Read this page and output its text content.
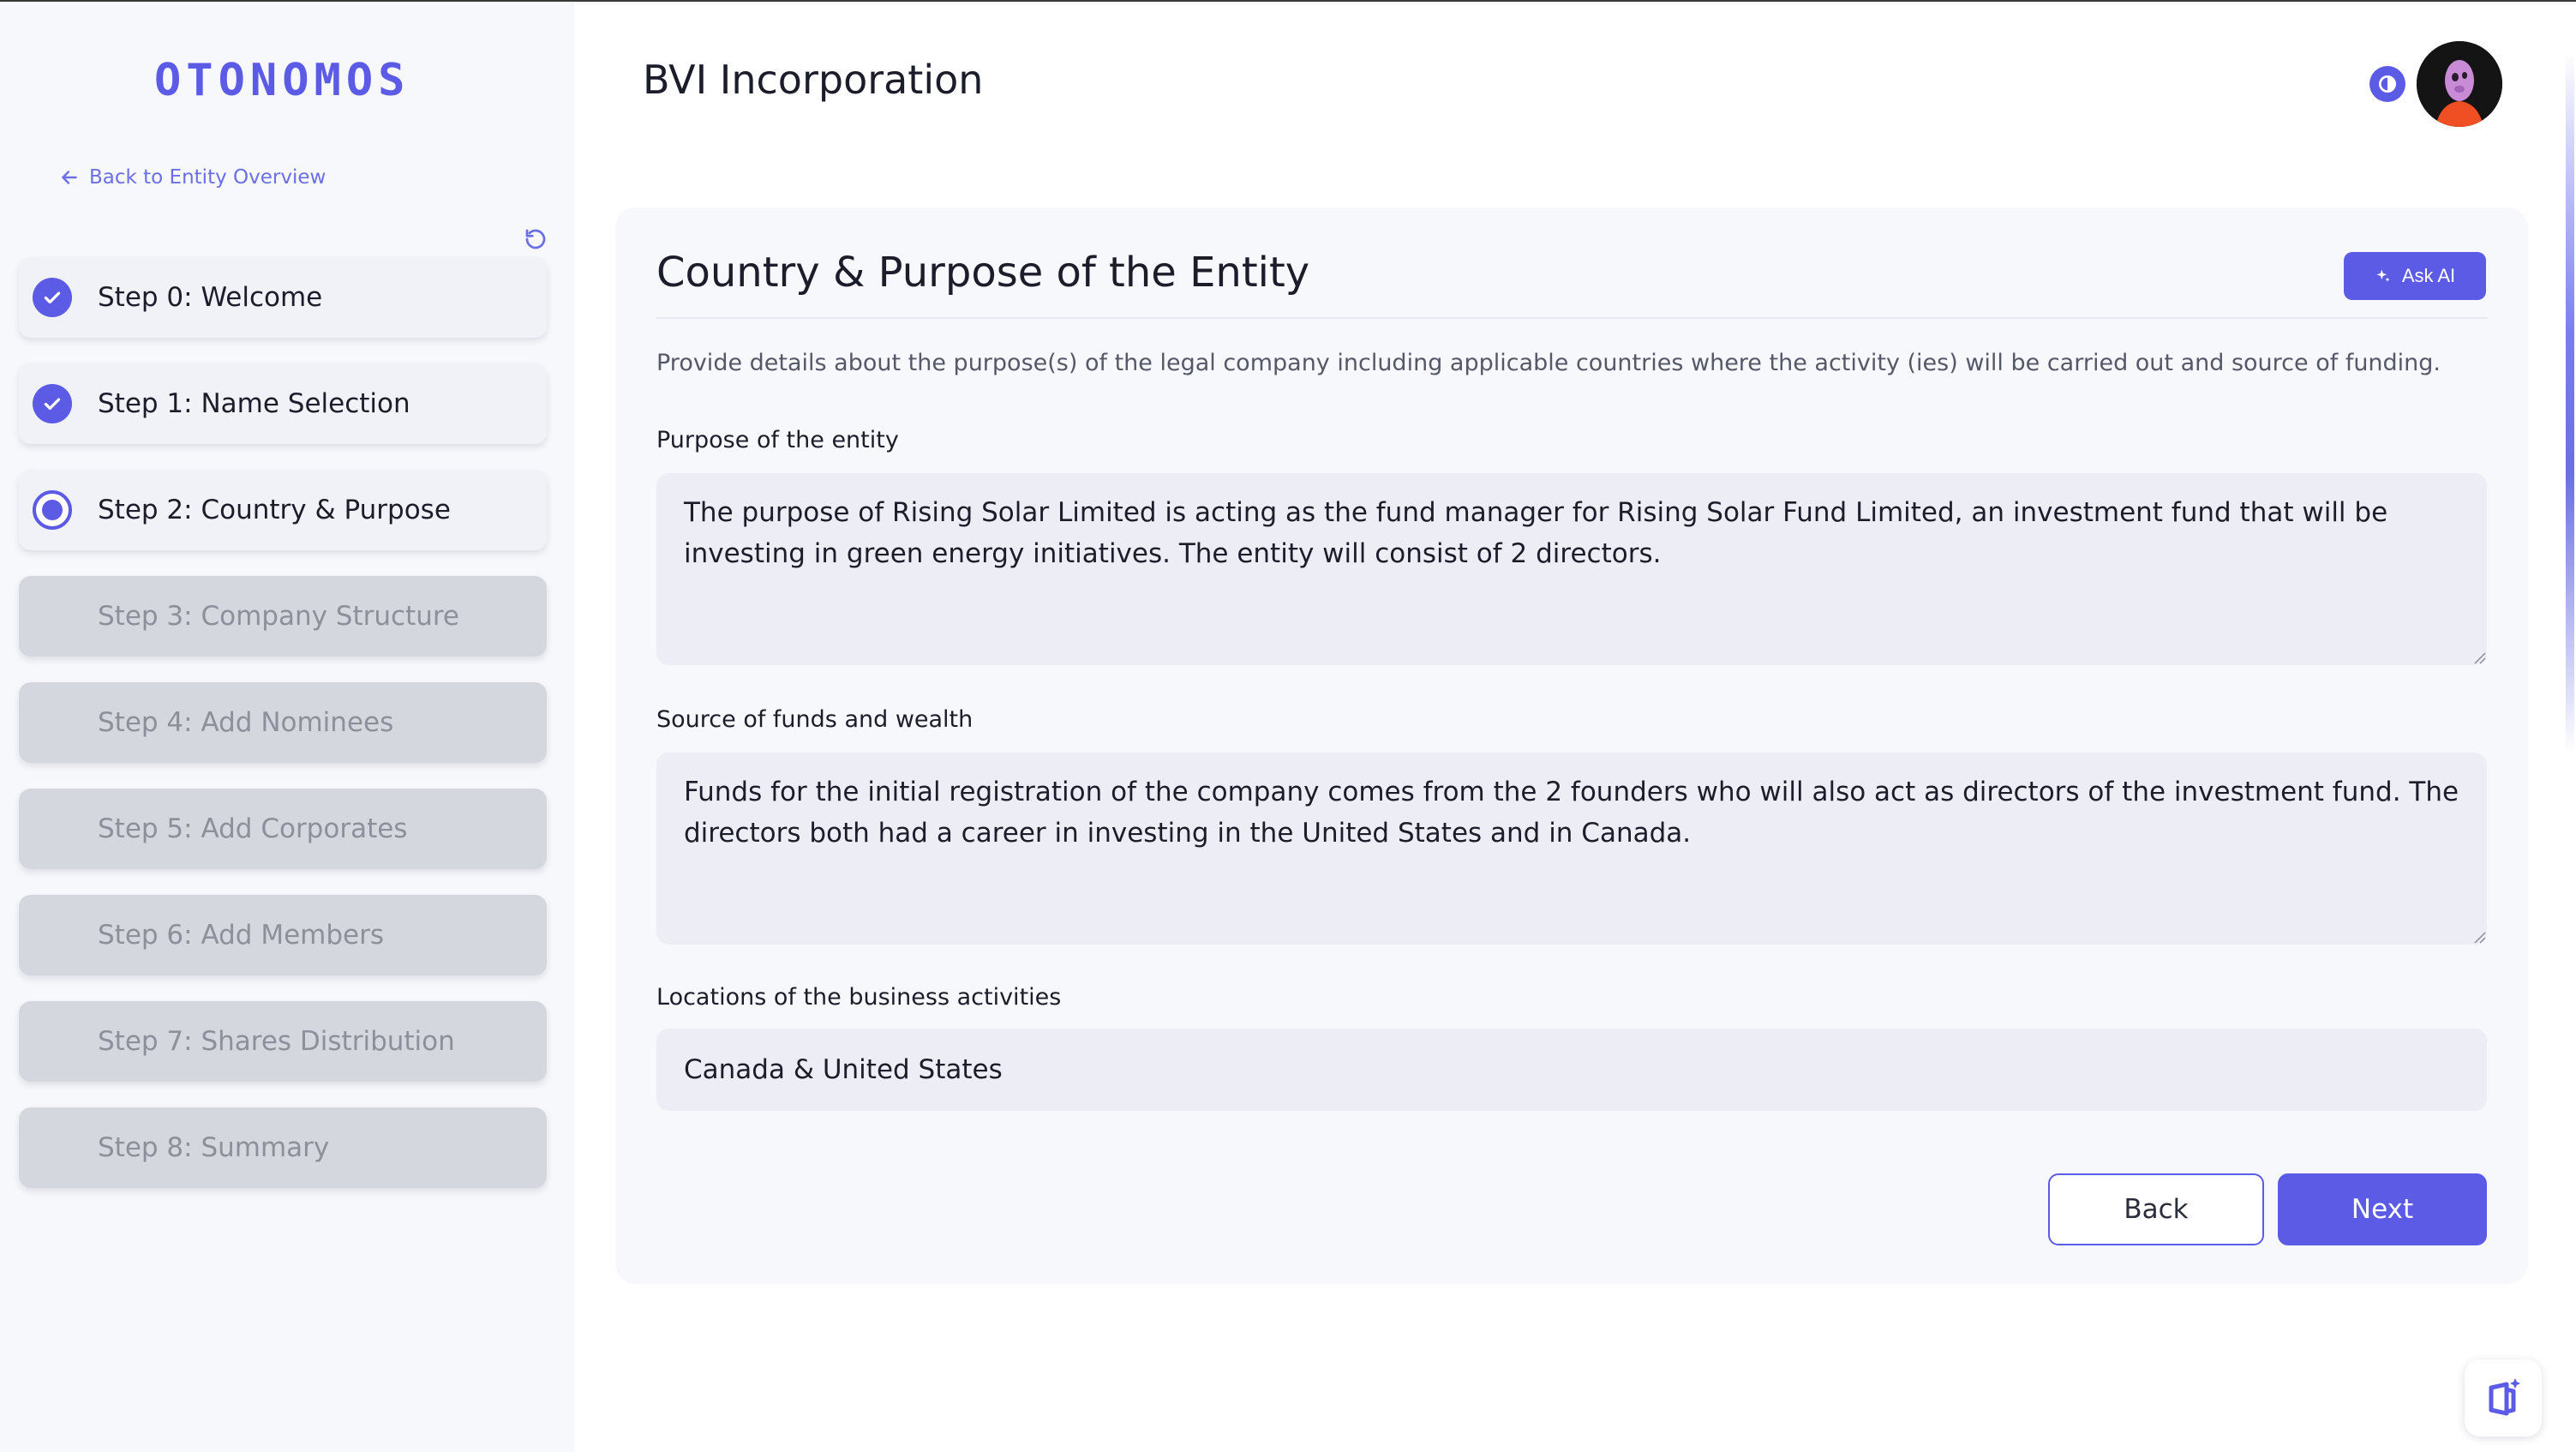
OTONOMOS
Back to Entity Overview
Step 0: Welcome
Step 1: Name Selection
Step 2: Country & Purpose
Step 3: Company Structure
Step 4: Add Nominees
Step 5: Add Corporates
Step 6: Add Members
Step 7: Shares Distribution
Step 8: Summary
BVI Incorporation
Country & Purpose of the Entity	Ask AI

Provide details about the purpose(s) of the legal company including applicable countries where the activity (ies) will be carried out and source of funding.

Purpose of the entity
The purpose of Rising Solar Limited is acting as the fund manager for Rising Solar Fund Limited, an investment fund that will be investing in green energy initiatives. The entity will consist of 2 directors.
Source of funds and wealth
Funds for the initial registration of the company comes from the 2 founders who will also act as directors of the investment fund. The directors both had a career in investing in the United States and in Canada.
Locations of the business activities
Canada & United States
Back	Next
